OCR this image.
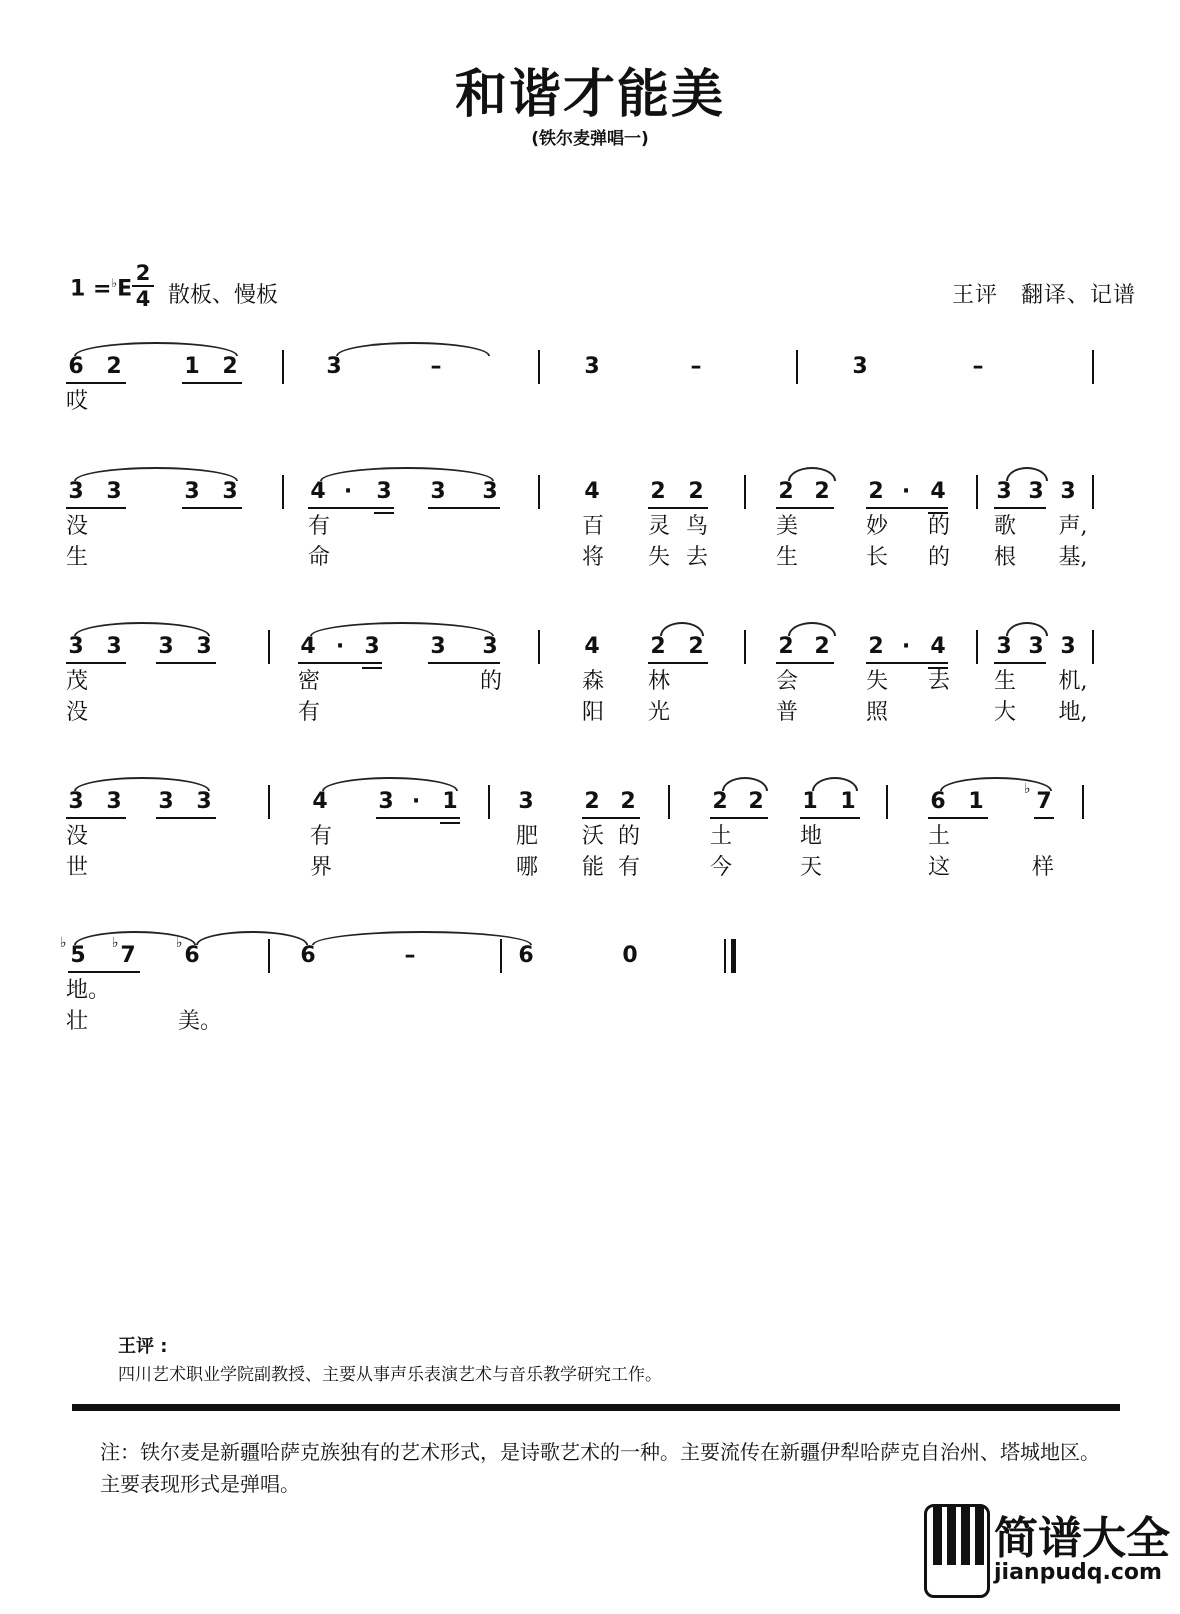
和谐才能美
(铁尔麦弹唱一)
1 =♭E
2
4 散板、慢板	王评　翻译、记谱
6 2	1 2	3	–	3	–	3	–
哎
3 3	3 3	4 ·	3 3 3	4 2 2	2 2 2 · 4 3 3 3
没	有	百 灵 鸟	美	妙 的 歌 声,
生	命	将 失 去	生	长 的 根 基,
3 3 3 3	4 · 3 3 3	4 2 2	2 2 2 · 4 3 3 3
茂	密	的	森 林	会	失 去 生 机,
没	有	阳 光	普	照	大 地,
3 3 3 3	4 3 ·	1	3 2 2	2 2 1 1	6 1	♭ 7
没	有	肥 沃 的	土	地	土
世	界	哪 能 有	今	天	这	样
♭ 5	♭ 7	♭ 6	6	–	6	0
地。
壮	美。
王评 :
四川艺术职业学院副教授、主要从事声乐表演艺术与音乐教学研究工作。
注：铁尔麦是新疆哈萨克族独有的艺术形式，是诗歌艺术的一种。主要流传在新疆伊犁哈萨克自治州、塔城地区。主要表现形式是弹唱。
简谱大全
jianpudq.com
